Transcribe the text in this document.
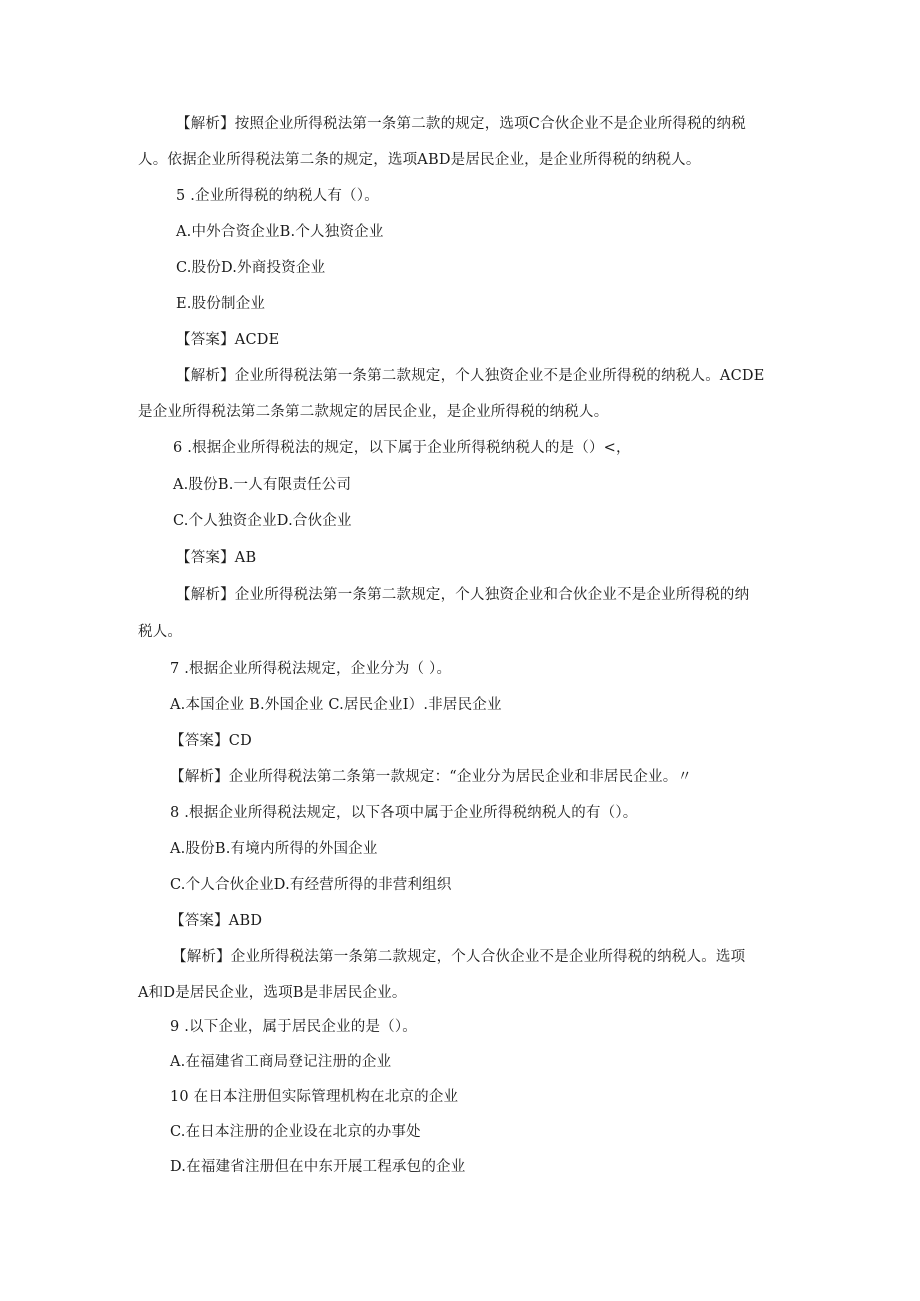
【解析】按照企业所得税法第一条第二款的规定，选项C合伙企业不是企业所得税的纳税
人。依据企业所得税法第二条的规定，选项ABD是居民企业，是企业所得税的纳税人。
5 .企业所得税的纳税人有（）。
A.中外合资企业B.个人独资企业
C.股份D.外商投资企业
E.股份制企业
【答案】ACDE
【解析】企业所得税法第一条第二款规定，个人独资企业不是企业所得税的纳税人。ACDE
是企业所得税法第二条第二款规定的居民企业，是企业所得税的纳税人。
6 .根据企业所得税法的规定，以下属于企业所得税纳税人的是（）<，
A.股份B.一人有限责任公司
C.个人独资企业D.合伙企业
【答案】AB
【解析】企业所得税法第一条第二款规定，个人独资企业和合伙企业不是企业所得税的纳
税人。
7 .根据企业所得税法规定，企业分为（ ）。
A.本国企业 B.外国企业 C.居民企业I）.非居民企业
【答案】CD
【解析】企业所得税法第二条第一款规定：“企业分为居民企业和非居民企业。〃
8 .根据企业所得税法规定，以下各项中属于企业所得税纳税人的有（）。
A.股份B.有境内所得的外国企业
C.个人合伙企业D.有经营所得的非营利组织
【答案】ABD
【解析】企业所得税法第一条第二款规定，个人合伙企业不是企业所得税的纳税人。选项
A和D是居民企业，选项B是非居民企业。
9 .以下企业，属于居民企业的是（）。
A.在福建省工商局登记注册的企业
10 在日本注册但实际管理机构在北京的企业
C.在日本注册的企业设在北京的办事处
D.在福建省注册但在中东开展工程承包的企业
